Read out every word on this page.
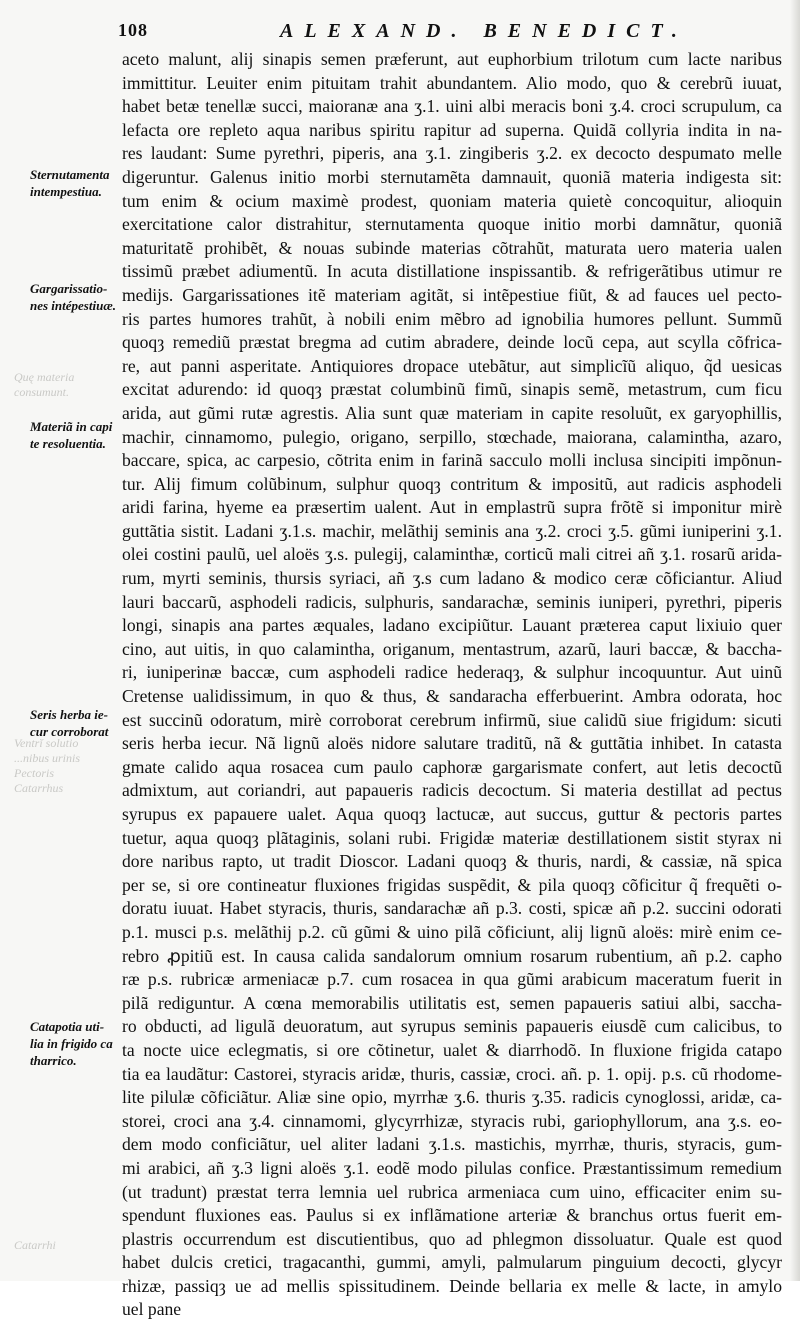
108	ALEXAND. BENEDICT.
Sternutamenta
intempestiua.
Gargarissatio-
nes intépestiuæ.
Materiã in capi
te resoluentia.
Seris herba ie-
cur corroborat
Catapotia uti-
lia in frigido ca
tharrico.
Quę materia
consumunt.
Ventrĭ solutio
...nibus urinis
Pectoris
Catarrhus
Catarrhi
aceto malunt, alij sinapis semen præferunt, aut euphorbium trilotum cum lacte naribus
immittitur. Leuiter enim pituitam trahit abundantem. Alio modo, quo & cerebrũ iuuat,
habet betæ tenellæ succi, maioranæ ana ʒ.1. uini albi meracis boni ʒ.4. croci scrupulum, ca
lefacta ore repleto aqua naribus spiritu rapitur ad superna. Quidã collyria indita in na-
res laudant: Sume pyrethri, piperis, ana ʒ.1. zingiberis ʒ.2. ex decocto despumato melle
digeruntur. Galenus initio morbi sternutamẽta damnauit, quoniã materia indigesta sit:
tum enim & ocium maximè prodest, quoniam materia quietè concoquitur, alioquin
exercitatione calor distrahitur, sternutamenta quoque initio morbi damnãtur, quoniã
maturitatẽ prohibẽt, & nouas subinde materias cõtrahũt, maturata uero materia ualen
tissimũ præbet adiumentũ. In acuta distillatione inspissantib. & refrigerãtibus utimur re
medijs. Gargarissationes itẽ materiam agitãt, si intẽpestiue fiũt, & ad fauces uel pecto-
ris partes humores trahũt, à nobili enim mẽbro ad ignobilia humores pellunt. Summũ
quoqȝ remediũ præstat bregma ad cutim abradere, deinde locũ cepa, aut scylla cõfrica-
re, aut panni asperitate. Antiquiores dropace utebãtur, aut simplicĩũ aliquo, q̃d uesicas
excitat adurendo: id quoqȝ præstat columbinũ fimũ, sinapis semẽ, metastrum, cum ficu
arida, aut gũmi rutæ agrestis. Alia sunt quæ materiam in capite resoluũt, ex garyophillis,
machir, cinnamomo, pulegio, origano, serpillo, stœchade, maiorana, calamintha, azaro,
baccare, spica, ac carpesio, cõtrita enim in farinã sacculo molli inclusa sincipiti impõnun-
tur. Alij fimum colũbinum, sulphur quoqȝ contritum & impositũ, aut radicis asphodeli
aridi farina, hyeme ea præsertim ualent. Aut in emplastrũ supra frõtẽ si imponitur mirè
guttãtia sistit. Ladani ʒ.1.s. machir, melãthij seminis ana ʒ.2. croci ʒ.5. gũmi iuniperini ʒ.1.
olei costini paulũ, uel aloës ʒ.s. pulegij, calaminthæ, corticũ mali citrei añ ʒ.1. rosarũ arida-
rum, myrti seminis, thursis syriaci, añ ʒ.s cum ladano & modico ceræ cõficiantur. Aliud
lauri baccarũ, asphodeli radicis, sulphuris, sandarachæ, seminis iuniperi, pyrethri, piperis
longi, sinapis ana partes æquales, ladano excipiũtur. Lauant præterea caput lixiuio quer
cino, aut uitis, in quo calamintha, origanum, mentastrum, azarũ, lauri baccæ, & baccha-
ri, iuniperinæ baccæ, cum asphodeli radice hederaqȝ, & sulphur incoquuntur. Aut uinũ
Cretense ualidissimum, in quo & thus, & sandaracha efferbuerint. Ambra odorata, hoc
est succinũ odoratum, mirè corroborat cerebrum infirmũ, siue calidũ siue frigidum: sicuti
seris herba iecur. Nã lignũ aloës nidore salutare traditũ, nã & guttãtia inhibet. In catasta
gmate calido aqua rosacea cum paulo caphoræ gargarismate confert, aut letis decoctũ
admixtum, aut coriandri, aut papaueris radicis decoctum. Si materia destillat ad pectus
syrupus ex papauere ualet. Aqua quoqȝ lactucæ, aut succus, guttur & pectoris partes
tuetur, aqua quoqȝ plãtaginis, solani rubi. Frigidæ materiæ destillationem sistit styrax ni
dore naribus rapto, ut tradit Dioscor. Ladani quoqȝ & thuris, nardi, & cassiæ, nã spica
per se, si ore contineatur fluxiones frigidas suspẽdit, & pila quoqȝ cõficitur q̃ frequẽti o-
doratu iuuat. Habet styracis, thuris, sandarachæ añ p.3. costi, spicæ añ p.2. succini odorati
p.1. musci p.s. melãthij p.2. cũ gũmi & uino pilã cõficiunt, alij lignũ aloës: mirè enim ce-
rebro ꝓpitiũ est. In causa calida sandalorum omnium rosarum rubentium, añ p.2. capho
ræ p.s. rubricæ armeniacæ p.7. cum rosacea in qua gũmi arabicum maceratum fuerit in
pilã rediguntur. A cœna memorabilis utilitatis est, semen papaueris satiui albi, saccha-
ro obducti, ad ligulã deuoratum, aut syrupus seminis papaueris eiusdẽ cum calicibus, to
ta nocte uice eclegmatis, si ore cõtinetur, ualet & diarrhodõ. In fluxione frigida catapo
tia ea laudãtur: Castorei, styracis aridæ, thuris, cassiæ, croci. añ. p. 1. opij. p.s. cũ rhodome-
lite pilulæ cõficiãtur. Aliæ sine opio, myrrhæ ʒ.6. thuris ʒ.35. radicis cynoglossi, aridæ, ca-
storei, croci ana ʒ.4. cinnamomi, glycyrrhizæ, styracis rubi, gariophyllorum, ana ʒ.s. eo-
dem modo conficiãtur, uel aliter ladani ʒ.1.s. mastichis, myrrhæ, thuris, styracis, gum-
mi arabici, añ ʒ.3 ligni aloës ʒ.1. eodẽ modo pilulas confice. Præstantissimum remedium
(ut tradunt) præstat terra lemnia uel rubrica armeniaca cum uino, efficaciter enim su-
spendunt fluxiones eas. Paulus si ex inflãmatione arteriæ & branchus ortus fuerit em-
plastris occurrendum est discutientibus, quo ad phlegmon dissoluatur. Quale est quod
habet dulcis cretici, tragacanthi, gummi, amyli, palmularum pinguium decocti, glycyr
rhizæ, passiqȝ ue ad mellis spissitudinem. Deinde bellaria ex melle & lacte, in amylo
uel pane
